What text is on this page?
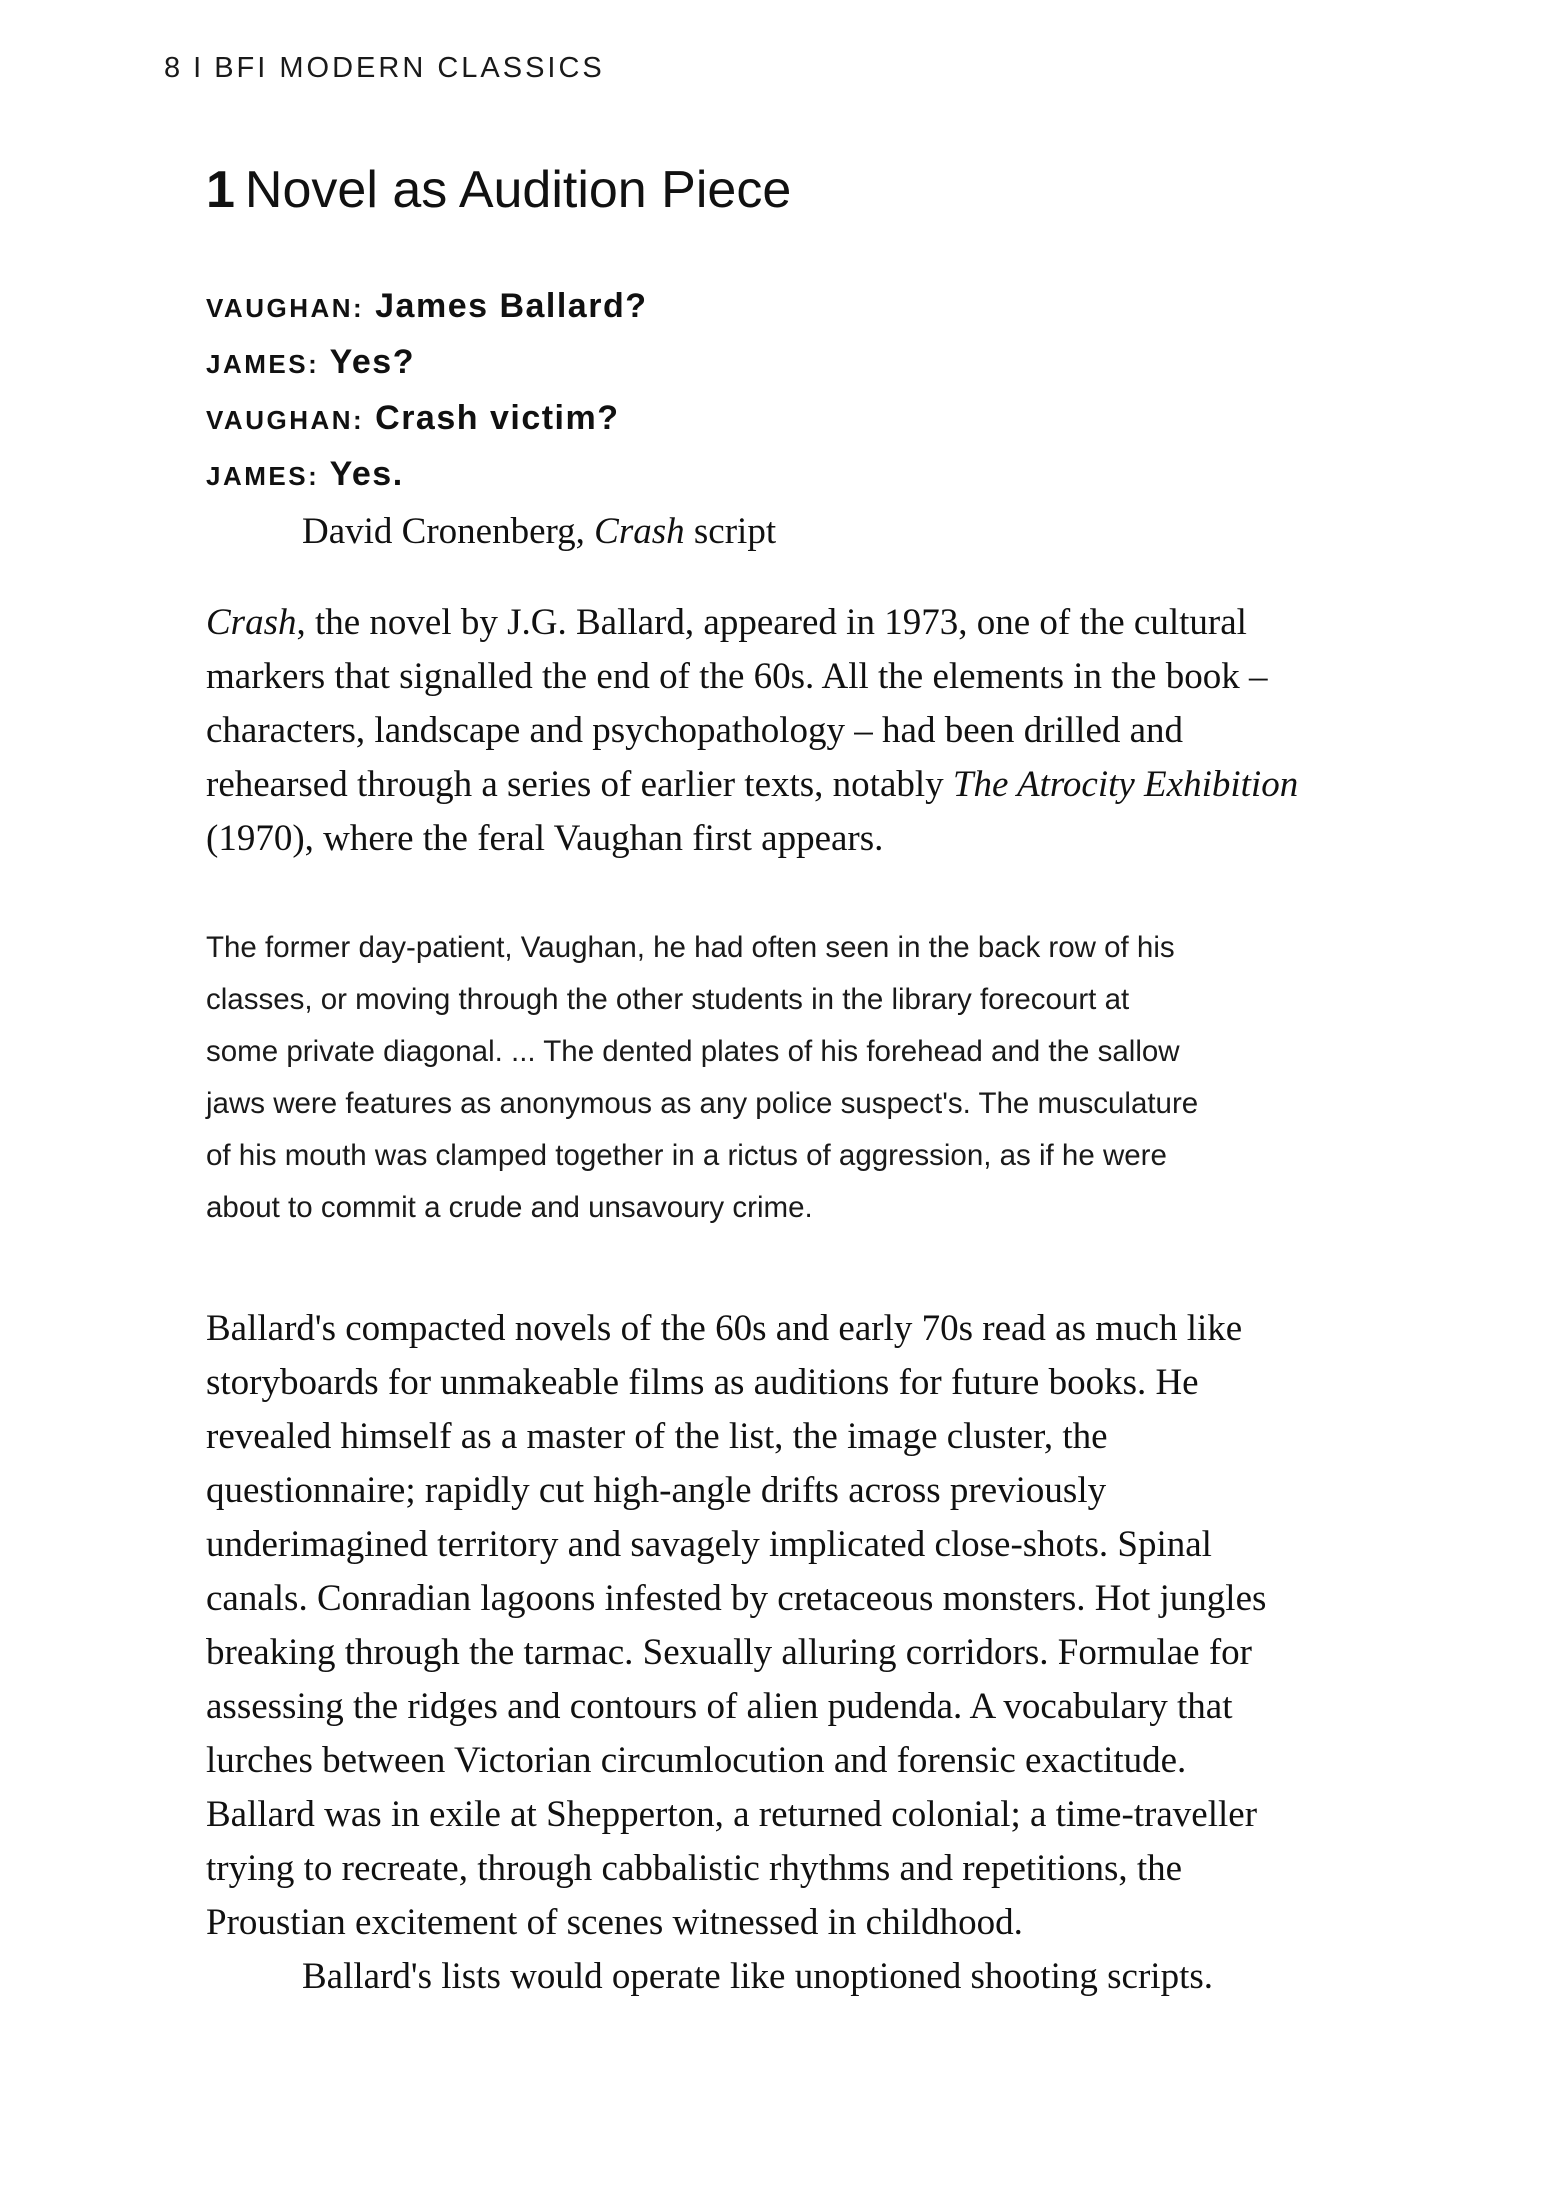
8 I BFI MODERN CLASSICS
1 Novel as Audition Piece
VAUGHAN: James Ballard?
JAMES: Yes?
VAUGHAN: Crash victim?
JAMES: Yes.
David Cronenberg, Crash script
Crash, the novel by J.G. Ballard, appeared in 1973, one of the cultural
markers that signalled the end of the 60s. All the elements in the book –
characters, landscape and psychopathology – had been drilled and
rehearsed through a series of earlier texts, notably The Atrocity Exhibition
(1970), where the feral Vaughan first appears.
The former day-patient, Vaughan, he had often seen in the back row of his
classes, or moving through the other students in the library forecourt at
some private diagonal. ... The dented plates of his forehead and the sallow
jaws were features as anonymous as any police suspect's. The musculature
of his mouth was clamped together in a rictus of aggression, as if he were
about to commit a crude and unsavoury crime.
Ballard's compacted novels of the 60s and early 70s read as much like
storyboards for unmakeable films as auditions for future books. He
revealed himself as a master of the list, the image cluster, the
questionnaire; rapidly cut high-angle drifts across previously
underimagined territory and savagely implicated close-shots. Spinal
canals. Conradian lagoons infested by cretaceous monsters. Hot jungles
breaking through the tarmac. Sexually alluring corridors. Formulae for
assessing the ridges and contours of alien pudenda. A vocabulary that
lurches between Victorian circumlocution and forensic exactitude.
Ballard was in exile at Shepperton, a returned colonial; a time-traveller
trying to recreate, through cabbalistic rhythms and repetitions, the
Proustian excitement of scenes witnessed in childhood.
Ballard's lists would operate like unoptioned shooting scripts.
